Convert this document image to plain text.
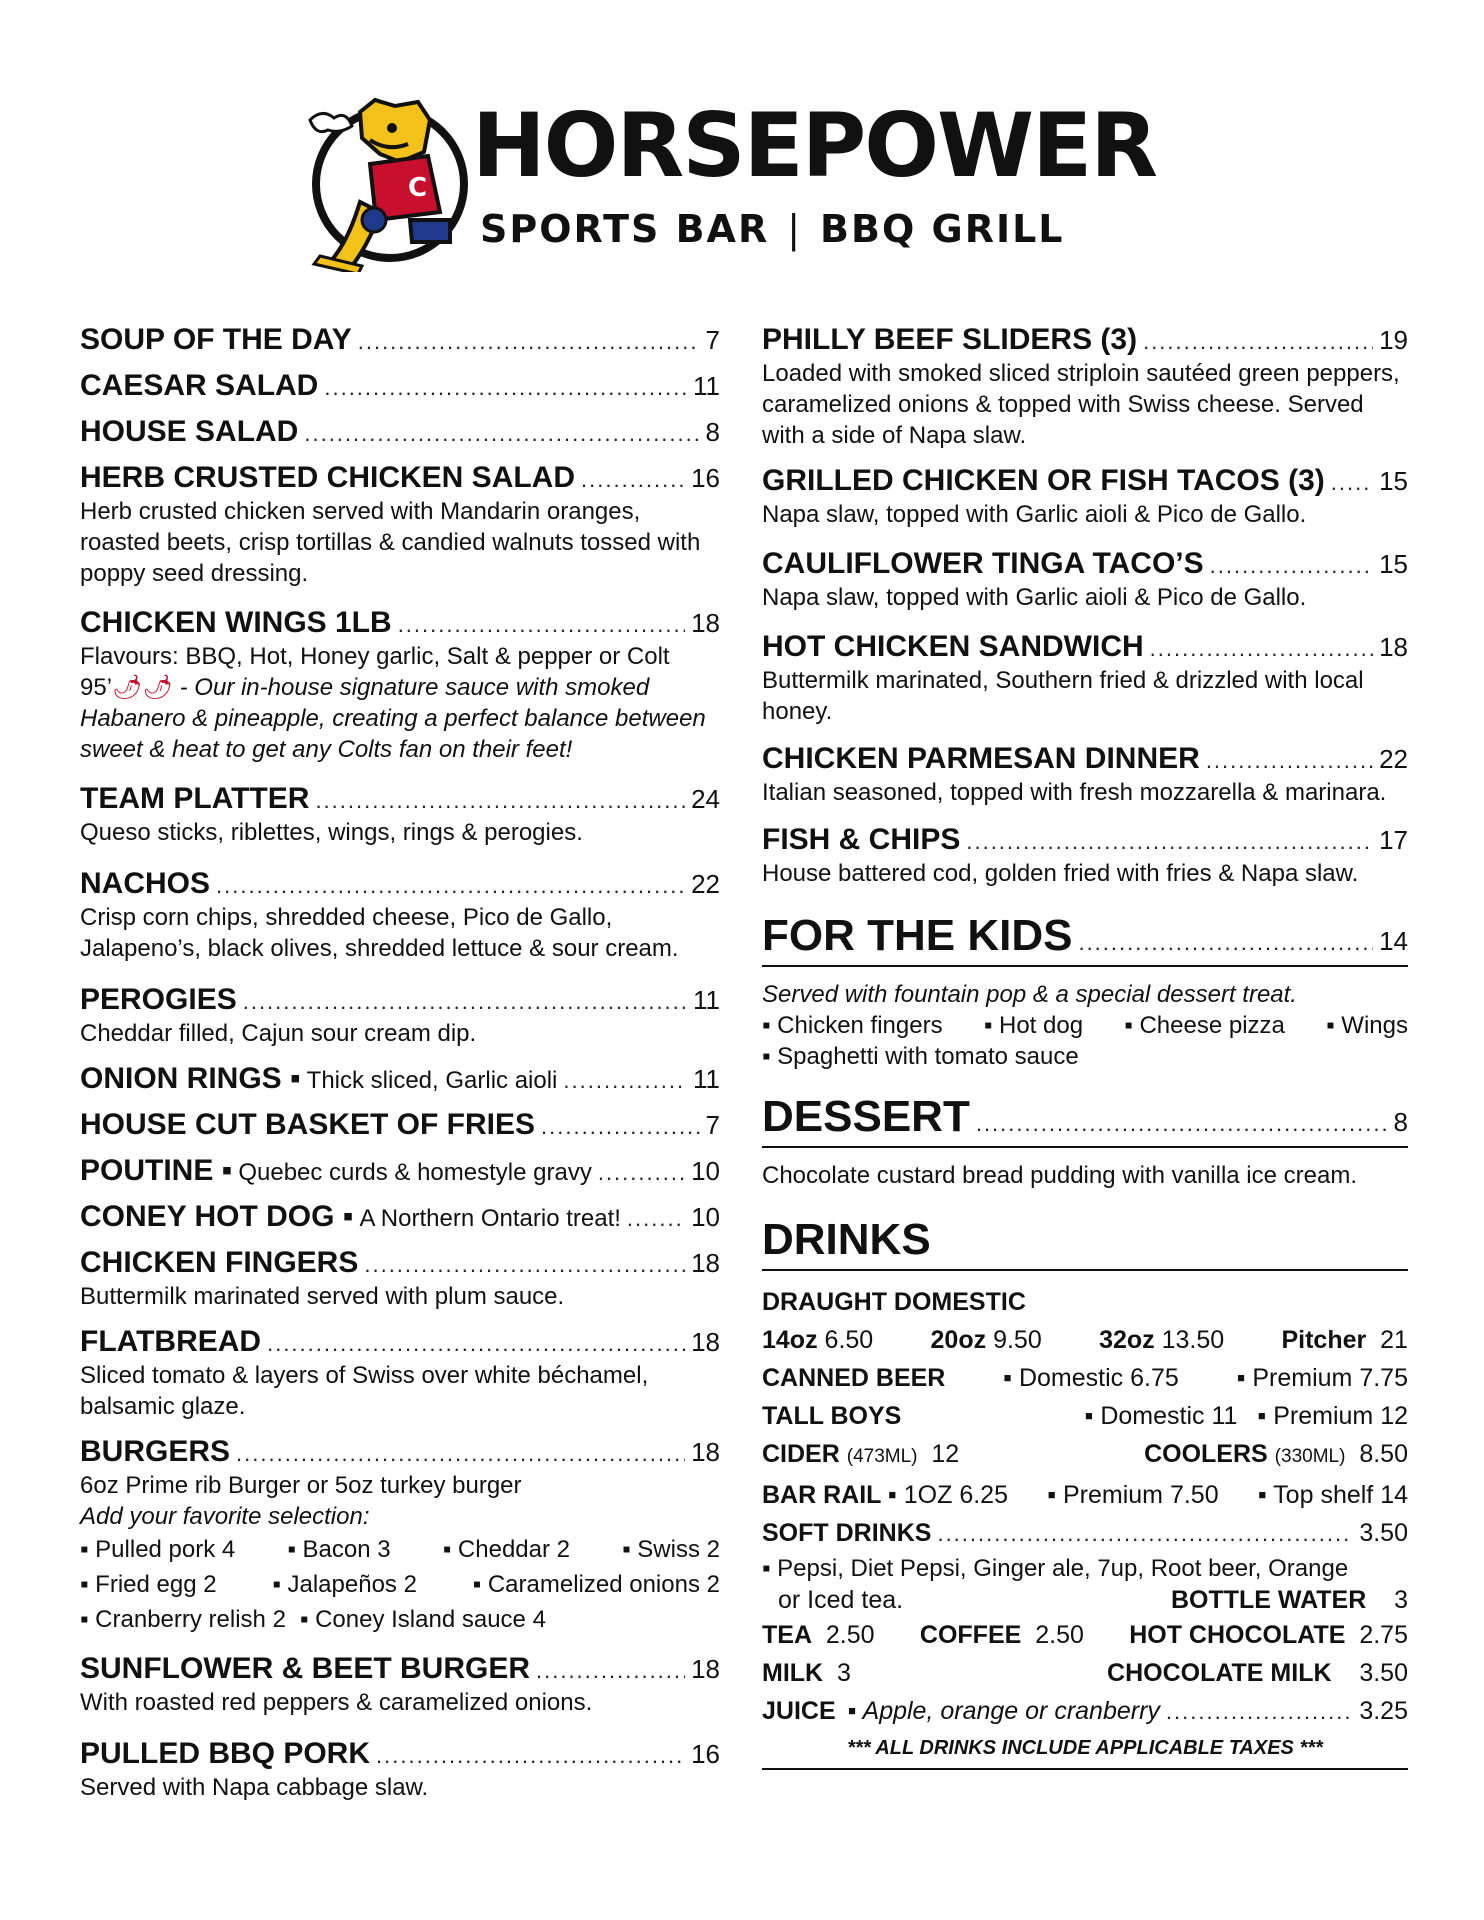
C HORSEPOWER
SPORTS BAR | BBQ GRILL
SOUP OF THE DAY .....	7
CAESAR SALAD .....	11
HOUSE SALAD .....	8
HERB CRUSTED CHICKEN SALAD .....	16
Herb crusted chicken served with Mandarin oranges, roasted beets, crisp tortillas & candied walnuts tossed with poppy seed dressing.
CHICKEN WINGS 1LB .....	18
Flavours: BBQ, Hot, Honey garlic, Salt & pepper or Colt 95’🌶🌶 - Our in-house signature sauce with smoked Habanero & pineapple, creating a perfect balance between sweet & heat to get any Colts fan on their feet!
TEAM PLATTER .....	24
Queso sticks, riblettes, wings, rings & perogies.
NACHOS .....	22
Crisp corn chips, shredded cheese, Pico de Gallo, Jalapeno’s, black olives, shredded lettuce & sour cream.
PEROGIES .....	11
Cheddar filled, Cajun sour cream dip.
ONION RINGS ▪ Thick sliced, Garlic aioli .....	11
HOUSE CUT BASKET OF FRIES .....	7
POUTINE ▪ Quebec curds & homestyle gravy .....	10
CONEY HOT DOG ▪ A Northern Ontario treat! .....	10
CHICKEN FINGERS .....	18
Buttermilk marinated served with plum sauce.
FLATBREAD .....	18
Sliced tomato & layers of Swiss over white béchamel, balsamic glaze.
BURGERS .....	18
6oz Prime rib Burger or 5oz turkey burger
Add your favorite selection:
▪ Pulled pork 4 ▪ Bacon 3 ▪ Cheddar 2 ▪ Swiss 2
▪ Fried egg 2 ▪ Jalapeños 2 ▪ Caramelized onions 2
▪ Cranberry relish 2 ▪ Coney Island sauce 4
SUNFLOWER & BEET BURGER .....	18
With roasted red peppers & caramelized onions.
PULLED BBQ PORK .....	16
Served with Napa cabbage slaw.
PHILLY BEEF SLIDERS (3) .....	19
Loaded with smoked sliced striploin sautéed green peppers, caramelized onions & topped with Swiss cheese. Served with a side of Napa slaw.
GRILLED CHICKEN OR FISH TACOS (3) ..... 15
Napa slaw, topped with Garlic aioli & Pico de Gallo.
CAULIFLOWER TINGA TACO’S .....	15
Napa slaw, topped with Garlic aioli & Pico de Gallo.
HOT CHICKEN SANDWICH .....	18
Buttermilk marinated, Southern fried & drizzled with local honey.
CHICKEN PARMESAN DINNER .....	22
Italian seasoned, topped with fresh mozzarella & marinara.
FISH & CHIPS .....	17
House battered cod, golden fried with fries & Napa slaw.
FOR THE KIDS .....	14
Served with fountain pop & a special dessert treat.
▪ Chicken fingers ▪ Hot dog ▪ Cheese pizza ▪ Wings
▪ Spaghetti with tomato sauce
DESSERT .....	8
Chocolate custard bread pudding with vanilla ice cream.
DRINKS
DRAUGHT DOMESTIC
14oz 6.50 20oz 9.50 32oz 13.50 Pitcher 21
CANNED BEER ▪ Domestic 6.75 ▪ Premium 7.75
TALL BOYS	▪ Domestic 11 ▪ Premium 12
CIDER (473ML) 12	COOLERS (330ML) 8.50
BAR RAIL ▪ 1OZ 6.25 ▪ Premium 7.50 ▪ Top shelf 14
SOFT DRINKS .....	3.50
▪ Pepsi, Diet Pepsi, Ginger ale, 7up, Root beer, Orange
or Iced tea.	BOTTLE WATER 3
TEA 2.50 COFFEE 2.50 HOT CHOCOLATE 2.75
MILK 3	CHOCOLATE MILK 3.50
JUICE ▪ Apple, orange or cranberry .....	3.25
*** ALL DRINKS INCLUDE APPLICABLE TAXES ***
